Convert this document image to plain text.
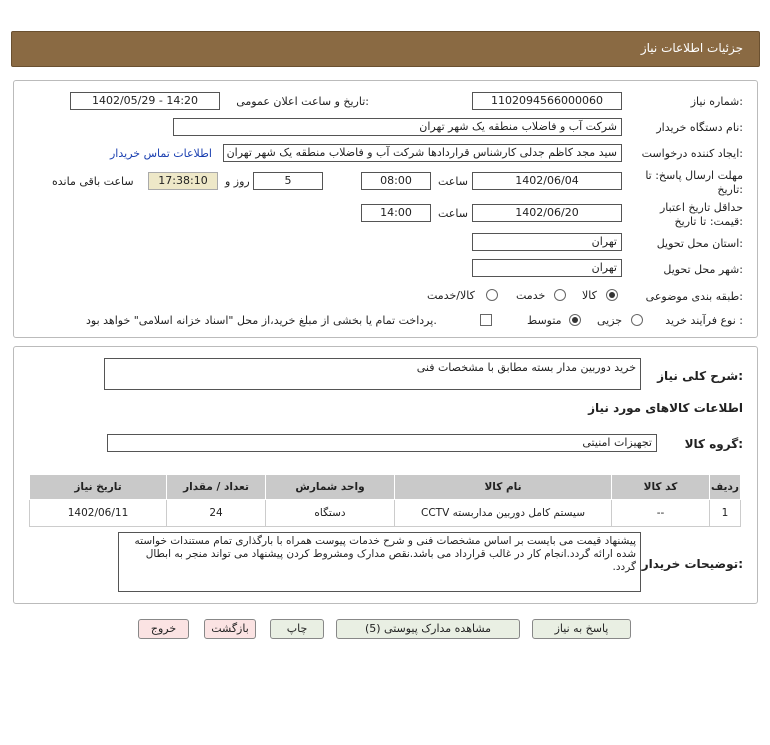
جزئیات اطلاعات نیاز
شماره نیاز:
1102094566000060
تاریخ و ساعت اعلان عمومی:
1402/05/29 - 14:20
نام دستگاه خریدار:
شرکت آب و فاضلاب منطقه یک شهر تهران
ایجاد کننده درخواست:
سید مجد کاظم جدلی کارشناس قراردادها شرکت آب و فاضلاب منطقه یک شهر تهران
اطلاعات تماس خریدار
مهلت ارسال پاسخ: تا تاریخ:
1402/06/04
ساعت
08:00
5
روز و
17:38:10
ساعت باقی مانده
حداقل تاریخ اعتبار قیمت: تا تاریخ:
1402/06/20
ساعت
14:00
استان محل تحویل:
تهران
شهر محل تحویل:
تهران
طبقه بندی موضوعی:
کالا
خدمت
کالا/خدمت
نوع فرآیند خرید :
جزیی
متوسط
پرداخت تمام یا بخشی از مبلغ خرید،از محل "اسناد خزانه اسلامی" خواهد بود.
شرح کلی نیاز:
خرید دوربین مدار بسته مطابق با مشخصات فنی
اطلاعات کالاهای مورد نیاز
گروه کالا:
تجهیزات امنیتی
ردیف	کد کالا	نام کالا	واحد شمارش	تعداد / مقدار	تاریخ نیاز
1	--	سیستم کامل دوربین مداربسته CCTV	دستگاه	24	1402/06/11
توضیحات خریدار:
پیشنهاد قیمت می بایست بر اساس مشخصات فنی و شرح خدمات پیوست همراه با بارگذاری تمام مستندات خواسته شده ارائه گردد.انجام کار در غالب قرارداد می باشد.نقص مدارک ومشروط کردن پیشنهاد می تواند منجر به ابطال گردد.
پاسخ به نیاز
مشاهده مدارک پیوستی (5)
چاپ
بازگشت
خروج
